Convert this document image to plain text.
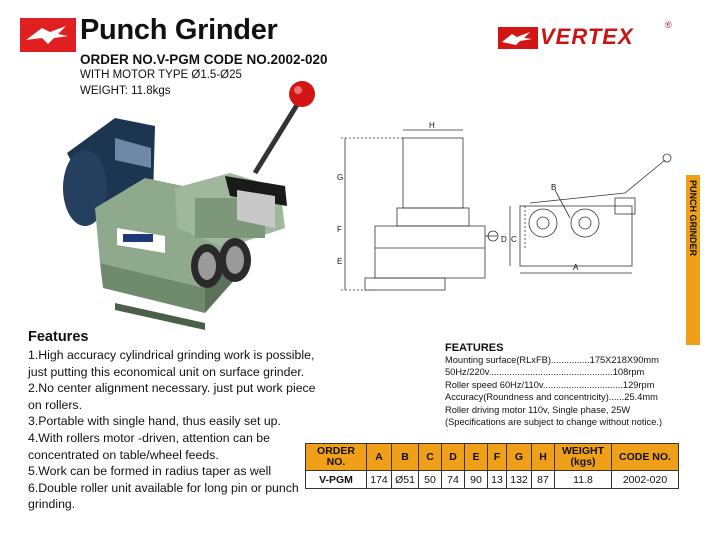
Punch Grinder	VERTEX	®
ORDER NO.V-PGM CODE NO.2002-020
WITH MOTOR TYPE Ø1.5-Ø25
WEIGHT: 11.8kgs
PUNCH GRINDER
H
G
F
E
B
C
D
A
Features
1.High accuracy cylindrical grinding work is possible,
just putting this economical unit on surface grinder.
2.No center alignment necessary. just put work piece
on rollers.
3.Portable with single hand, thus easily set up.
4.With rollers motor -driven, attention can be
concentrated on table/wheel feeds.
5.Work can be formed in radius taper as well
6.Double roller unit available for long pin or punch
grinding.
FEATURES
Mounting surface(RLxFB)...............175X218X90mm
50Hz/220v................................................108rpm
Roller speed 60Hz/110v...............................129rpm
Accuracy(Roundness and concentricity)......25.4mm
Roller driving motor 110v, Single phase, 25W
(Specifications are subject to change without notice.)
ORDER NO.	A	B	C	D	E	F	G	H	WEIGHT (kgs)	CODE NO.
V-PGM	174	Ø51	50	74	90	13	132	87	11.8	2002-020
